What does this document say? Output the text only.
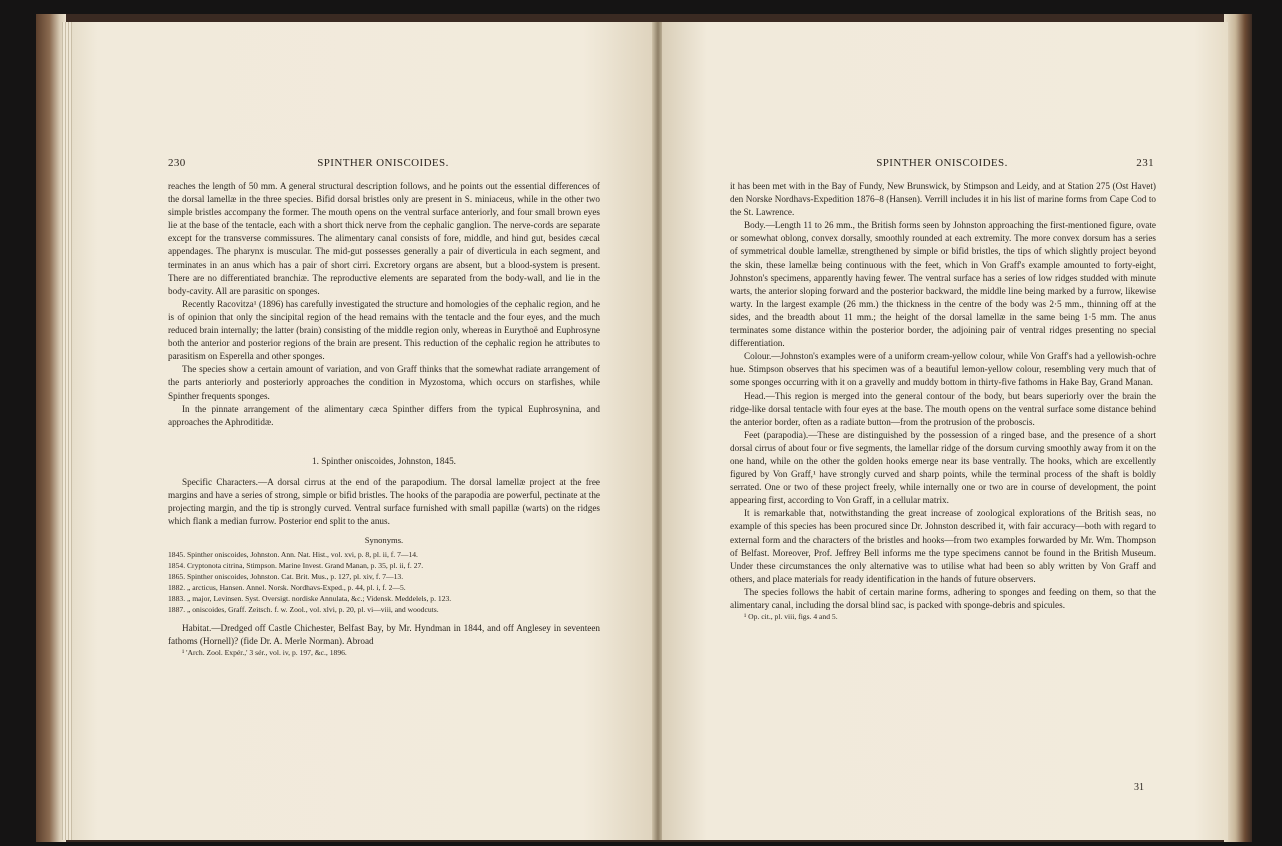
230	SPINTHER ONISCOIDES.

reaches the length of 50 mm. A general structural description follows, and he points out the essential differences of the dorsal lamellæ in the three species. Bifid dorsal bristles only are present in S. miniaceus, while in the other two simple bristles accompany the former. The mouth opens on the ventral surface anteriorly, and four small brown eyes lie at the base of the tentacle, each with a short thick nerve from the cephalic ganglion. The nerve-cords are separate except for the transverse commissures. The alimentary canal consists of fore, middle, and hind gut, besides cæcal appendages. The pharynx is muscular. The mid-gut possesses generally a pair of diverticula in each segment, and terminates in an anus which has a pair of short cirri. Excretory organs are absent, but a blood-system is present. There are no differentiated branchiæ. The reproductive elements are separated from the body-wall, and lie in the body-cavity. All are parasitic on sponges.

Recently Racovitza¹ (1896) has carefully investigated the structure and homologies of the cephalic region, and he is of opinion that only the sincipital region of the head remains with the tentacle and the four eyes, and the much reduced brain internally; the latter (brain) consisting of the middle region only, whereas in Eurythoë and Euphrosyne both the anterior and posterior regions of the brain are present. This reduction of the cephalic region he attributes to parasitism on Esperella and other sponges.

The species show a certain amount of variation, and von Graff thinks that the somewhat radiate arrangement of the parts anteriorly and posteriorly approaches the condition in Myzostoma, which occurs on starfishes, while Spinther frequents sponges.

In the pinnate arrangement of the alimentary cæca Spinther differs from the typical Euphrosynina, and approaches the Aphroditidæ.

1. Spinther oniscoides, Johnston, 1845.

Specific Characters.—A dorsal cirrus at the end of the parapodium. The dorsal lamellæ project at the free margins and have a series of strong, simple or bifid bristles. The hooks of the parapodia are powerful, pectinate at the projecting margin, and the tip is strongly curved. Ventral surface furnished with small papillæ (warts) on the ridges which flank a median furrow. Posterior end split to the anus.

Synonyms.

1845. Spinther oniscoides, Johnston. Ann. Nat. Hist., vol. xvi, p. 8, pl. ii, f. 7—14.
1854. Cryptonota citrina, Stimpson. Marine Invest. Grand Manan, p. 35, pl. ii, f. 27.
1865. Spinther oniscoides, Johnston. Cat. Brit. Mus., p. 127, pl. xiv, f. 7—13.
1882. „ arcticus, Hansen. Annel. Norsk. Nordhavs-Exped., p. 44, pl. i, f. 2—5.
1883. „ major, Levinsen. Syst. Oversigt. nordiske Annulata, &c.; Vidensk. Meddelels, p. 123.
1887. „ oniscoides, Graff. Zeitsch. f. w. Zool., vol. xlvi, p. 20, pl. vi—viii, and woodcuts.

Habitat.—Dredged off Castle Chichester, Belfast Bay, by Mr. Hyndman in 1844, and off Anglesey in seventeen fathoms (Hornell)? (fide Dr. A. Merle Norman). Abroad

¹ 'Arch. Zool. Expér.,' 3 sér., vol. iv, p. 197, &c., 1896.

SPINTHER ONISCOIDES.	231

it has been met with in the Bay of Fundy, New Brunswick, by Stimpson and Leidy, and at Station 275 (Ost Havet) den Norske Nordhavs-Expedition 1876–8 (Hansen). Verrill includes it in his list of marine forms from Cape Cod to the St. Lawrence.

Body.—Length 11 to 26 mm., the British forms seen by Johnston approaching the first-mentioned figure, ovate or somewhat oblong, convex dorsally, smoothly rounded at each extremity. The more convex dorsum has a series of symmetrical double lamellæ, strengthened by simple or bifid bristles, the tips of which slightly project beyond the skin, these lamellæ being continuous with the feet, which in Von Graff's example amounted to forty-eight, Johnston's specimens, apparently having fewer. The ventral surface has a series of low ridges studded with minute warts, the anterior sloping forward and the posterior backward, the middle line being marked by a furrow, likewise warty. In the largest example (26 mm.) the thickness in the centre of the body was 2·5 mm., thinning off at the sides, and the breadth about 11 mm.; the height of the dorsal lamellæ in the same being 1·5 mm. The anus terminates some distance within the posterior border, the adjoining pair of ventral ridges presenting no special differentiation.

Colour.—Johnston's examples were of a uniform cream-yellow colour, while Von Graff's had a yellowish-ochre hue. Stimpson observes that his specimen was of a beautiful lemon-yellow colour, resembling very much that of some sponges occurring with it on a gravelly and muddy bottom in thirty-five fathoms in Hake Bay, Grand Manan.

Head.—This region is merged into the general contour of the body, but bears superiorly over the brain the ridge-like dorsal tentacle with four eyes at the base. The mouth opens on the ventral surface some distance behind the anterior border, often as a radiate button—from the protrusion of the proboscis.

Feet (parapodia).—These are distinguished by the possession of a ringed base, and the presence of a short dorsal cirrus of about four or five segments, the lamellar ridge of the dorsum curving smoothly away from it on the one hand, while on the other the golden hooks emerge near its base ventrally. The hooks, which are excellently figured by Von Graff,¹ have strongly curved and sharp points, while the terminal process of the shaft is boldly serrated. One or two of these project freely, while internally one or two are in course of development, the point appearing first, according to Von Graff, in a cellular matrix.

It is remarkable that, notwithstanding the great increase of zoological explorations of the British seas, no example of this species has been procured since Dr. Johnston described it, with fair accuracy—both with regard to external form and the characters of the bristles and hooks—from two examples forwarded by Mr. Wm. Thompson of Belfast. Moreover, Prof. Jeffrey Bell informs me the type specimens cannot be found in the British Museum. Under these circumstances the only alternative was to utilise what had been so ably written by Von Graff and others, and place materials for ready identification in the hands of future observers.

The species follows the habit of certain marine forms, adhering to sponges and feeding on them, so that the alimentary canal, including the dorsal blind sac, is packed with sponge-debris and spicules.

¹ Op. cit., pl. viii, figs. 4 and 5.

31
